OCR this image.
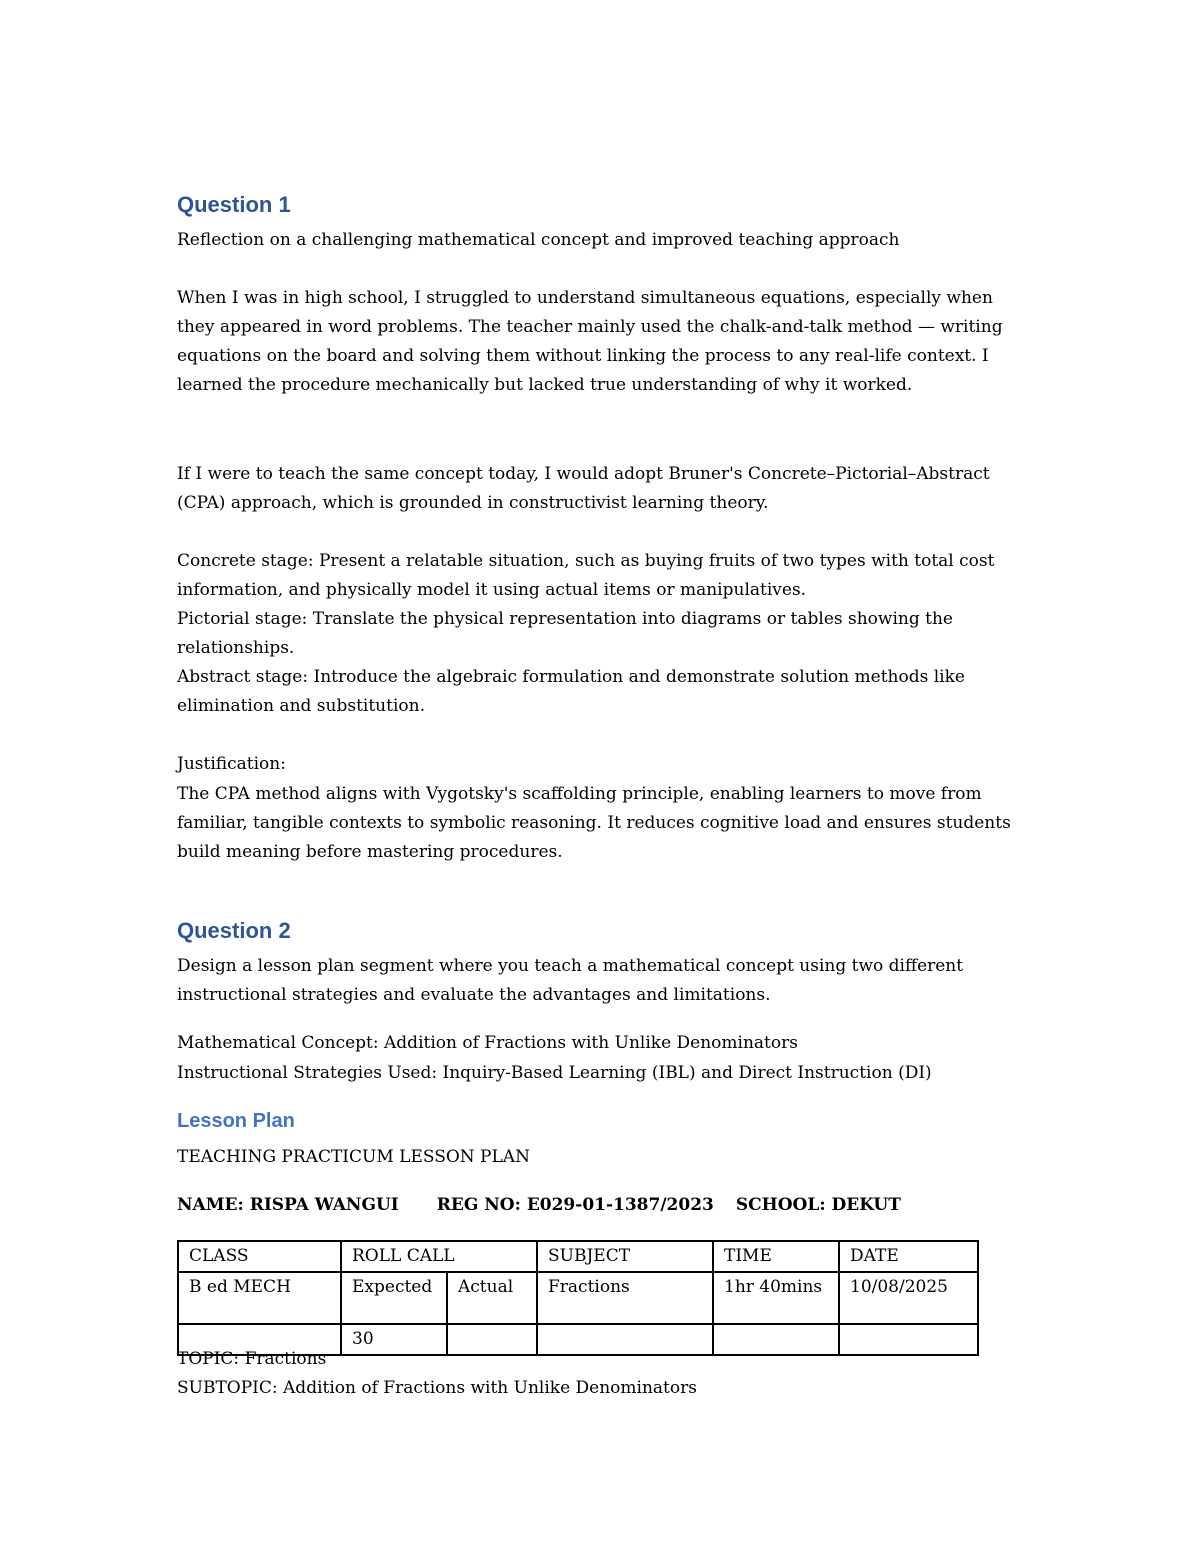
Question 1

Reflection on a challenging mathematical concept and improved teaching approach

When I was in high school, I struggled to understand simultaneous equations, especially when they appeared in word problems. The teacher mainly used the chalk-and-talk method — writing equations on the board and solving them without linking the process to any real-life context. I learned the procedure mechanically but lacked true understanding of why it worked.

If I were to teach the same concept today, I would adopt Bruner's Concrete–Pictorial–Abstract (CPA) approach, which is grounded in constructivist learning theory.

Concrete stage: Present a relatable situation, such as buying fruits of two types with total cost information, and physically model it using actual items or manipulatives.

Pictorial stage: Translate the physical representation into diagrams or tables showing the relationships.

Abstract stage: Introduce the algebraic formulation and demonstrate solution methods like elimination and substitution.

Justification:

The CPA method aligns with Vygotsky's scaffolding principle, enabling learners to move from familiar, tangible contexts to symbolic reasoning. It reduces cognitive load and ensures students build meaning before mastering procedures.

Question 2

Design a lesson plan segment where you teach a mathematical concept using two different instructional strategies and evaluate the advantages and limitations.

Mathematical Concept: Addition of Fractions with Unlike Denominators

Instructional Strategies Used: Inquiry-Based Learning (IBL) and Direct Instruction (DI)

Lesson Plan

TEACHING PRACTICUM LESSON PLAN

NAME: RISPA WANGUI REG NO: E029-01-1387/2023 SCHOOL: DEKUT

CLASS	ROLL CALL		SUBJECT	TIME	DATE
B ed MECH	Expected	Actual	Fractions	1hr 40mins	10/08/2025
	30				

TOPIC: Fractions

SUBTOPIC: Addition of Fractions with Unlike Denominators
